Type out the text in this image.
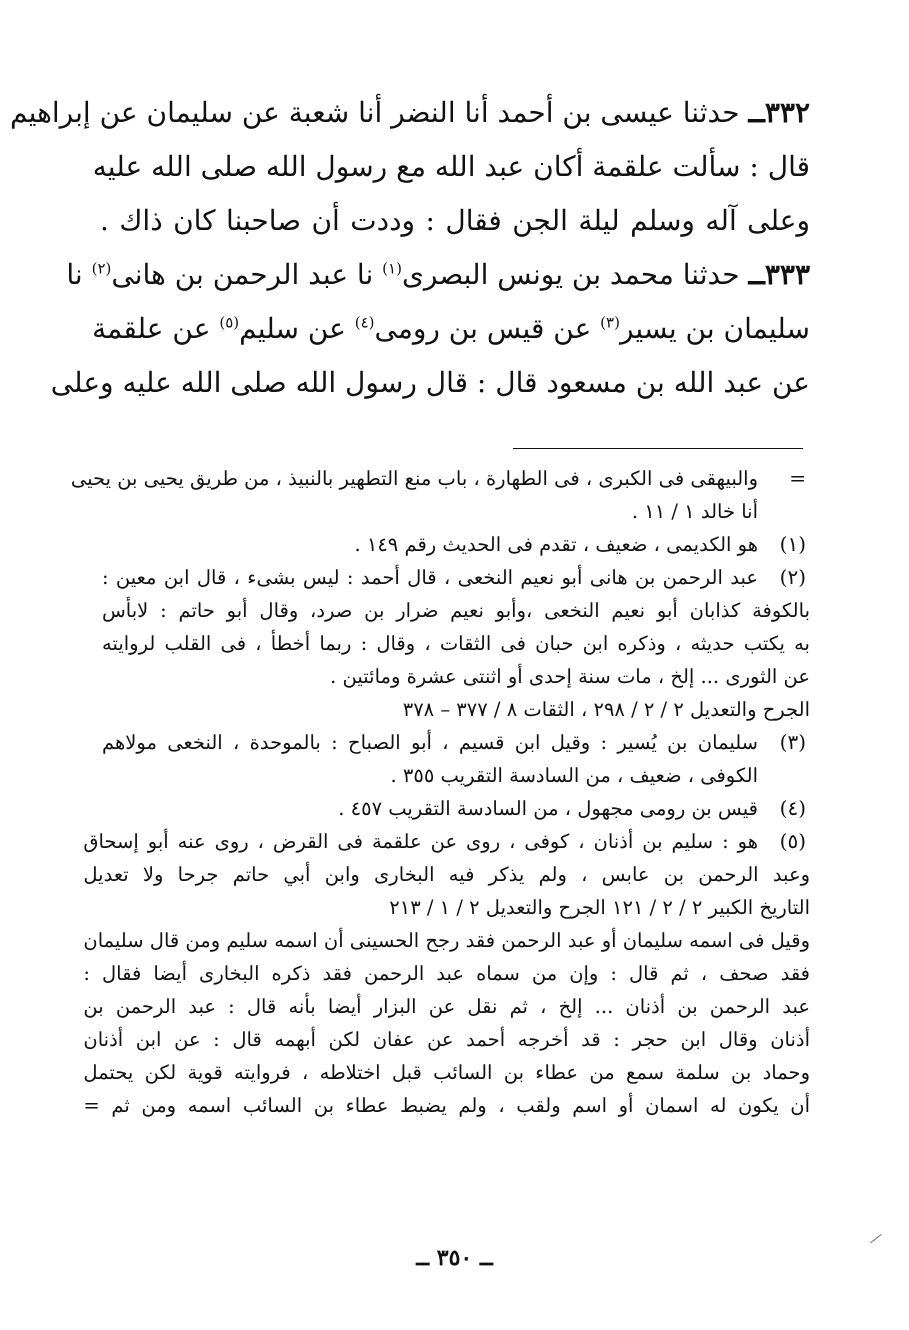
٣٣٢ــ حدثنا عيسى بن أحمد أنا النضر أنا شعبة عن سليمان عن إبراهيم
قال : سألت علقمة أكان عبد الله مع رسول الله صلى الله عليه
وعلى آله وسلم ليلة الجن فقال : وددت أن صاحبنا كان ذاك .
٣٣٣ــ حدثنا محمد بن يونس البصرى$^{(١)}$ نا عبد الرحمن بن هانى$^{(٢)}$ نا
سليمان بن يسير$^{(٣)}$ عن قيس بن رومى$^{(٤)}$ عن سليم$^{(٥)}$ عن علقمة
عن عبد الله بن مسعود قال : قال رسول الله صلى الله عليه وعلى
=
والبيهقى فى الكبرى ، فى الطهارة ، باب منع التطهير بالنبيذ ، من طريق يحيى بن يحيى
أنا خالد ١ / ١١ .
(١)
هو الكديمى ، ضعيف ، تقدم فى الحديث رقم ١٤٩ .
(٢)
عبد الرحمن بن هانى أبو نعيم النخعى ، قال أحمد : ليس بشىء ، قال ابن معين :
بالكوفة كذابان أبو نعيم النخعى ،وأبو نعيم ضرار بن صرد، وقال أبو حاتم : لابأس
به يكتب حديثه ، وذكره ابن حبان فى الثقات ، وقال : ربما أخطأ ، فى القلب لروايته
عن الثورى ... إلخ ، مات سنة إحدى أو اثنتى عشرة ومائتين .
الجرح والتعديل ٢ / ٢ / ٢٩٨ ، الثقات ٨ / ٣٧٧ – ٣٧٨
(٣)
سليمان بن يُسير : وقيل ابن قسيم ، أبو الصباح : بالموحدة ، النخعى مولاهم
الكوفى ، ضعيف ، من السادسة التقريب ٣٥٥ .
(٤)
قيس بن رومى مجهول ، من السادسة التقريب ٤٥٧ .
(٥)
هو : سليم بن أذنان ، كوفى ، روى عن علقمة فى القرض ، روى عنه أبو إسحاق
وعبد الرحمن بن عابس ، ولم يذكر فيه البخارى وابن أبي حاتم جرحا ولا تعديل
التاريخ الكبير ٢ / ٢ / ١٢١ الجرح والتعديل ٢ / ١ / ٢١٣
وقيل فى اسمه سليمان أو عبد الرحمن فقد رجح الحسينى أن اسمه سليم ومن قال سليمان
فقد صحف ، ثم قال : وإن من سماه عبد الرحمن فقد ذكره البخارى أيضا فقال :
عبد الرحمن بن أذنان ... إلخ ، ثم نقل عن البزار أيضا بأنه قال : عبد الرحمن بن
أذنان وقال ابن حجر : قد أخرجه أحمد عن عفان لكن أبهمه قال : عن ابن أذنان
وحماد بن سلمة سمع من عطاء بن السائب قبل اختلاطه ، فروايته قوية لكن يحتمل
أن يكون له اسمان أو اسم ولقب ، ولم يضبط عطاء بن السائب اسمه ومن ثم =
ــ ٣٥٠ ــ
